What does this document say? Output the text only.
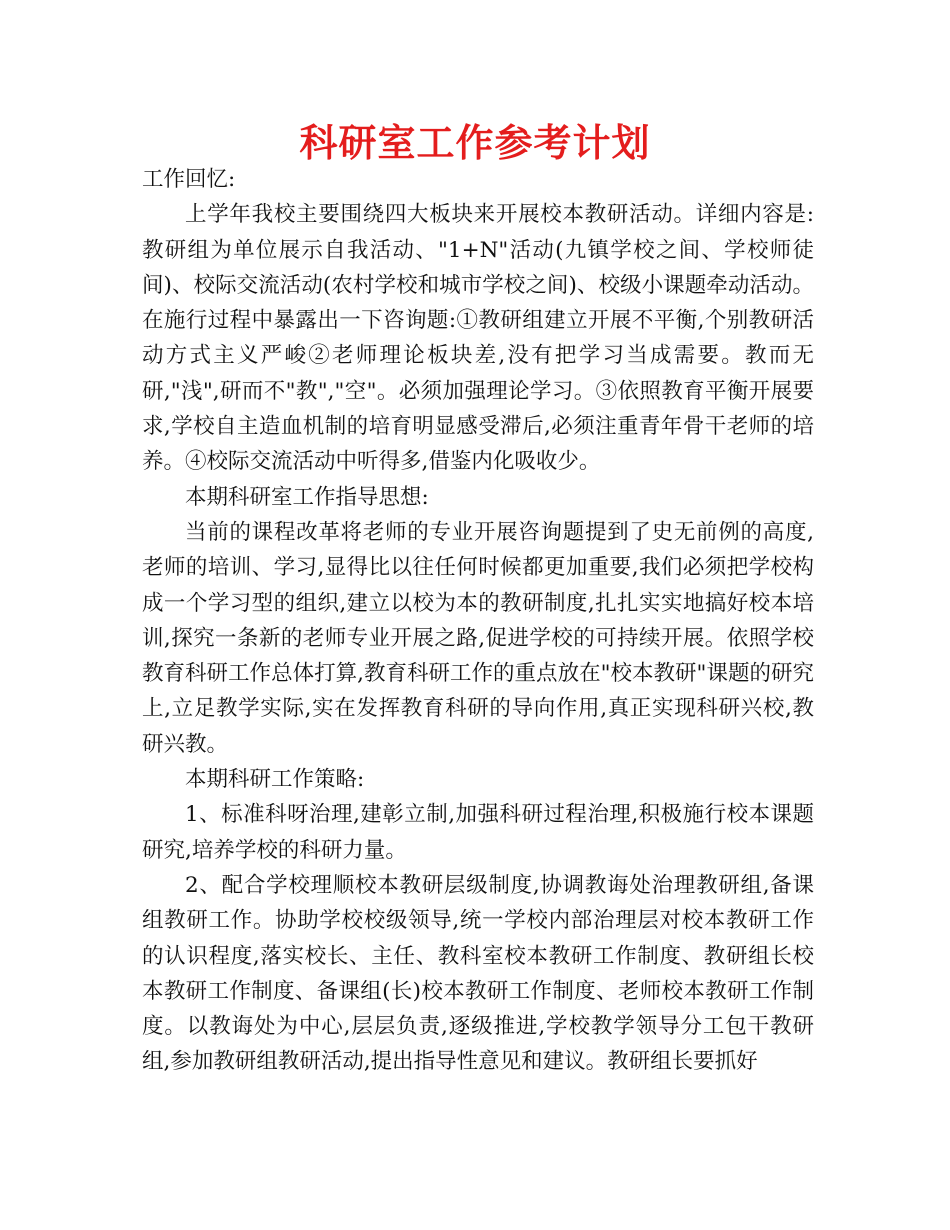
科研室工作参考计划

工作回忆:

上学年我校主要围绕四大板块来开展校本教研活动。详细内容是:教研组为单位展示自我活动、"1+N"活动(九镇学校之间、学校师徒间)、校际交流活动(农村学校和城市学校之间)、校级小课题牵动活动。在施行过程中暴露出一下咨询题:①教研组建立开展不平衡,个别教研活动方式主义严峻②老师理论板块差,没有把学习当成需要。教而无研,"浅",研而不"教","空"。必须加强理论学习。③依照教育平衡开展要求,学校自主造血机制的培育明显感受滞后,必须注重青年骨干老师的培养。④校际交流活动中听得多,借鉴内化吸收少。

本期科研室工作指导思想:

当前的课程改革将老师的专业开展咨询题提到了史无前例的高度,老师的培训、学习,显得比以往任何时候都更加重要,我们必须把学校构成一个学习型的组织,建立以校为本的教研制度,扎扎实实地搞好校本培训,探究一条新的老师专业开展之路,促进学校的可持续开展。依照学校教育科研工作总体打算,教育科研工作的重点放在"校本教研"课题的研究上,立足教学实际,实在发挥教育科研的导向作用,真正实现科研兴校,教研兴教。

本期科研工作策略:

1、标准科呀治理,建彰立制,加强科研过程治理,积极施行校本课题研究,培养学校的科研力量。

2、配合学校理顺校本教研层级制度,协调教诲处治理教研组,备课组教研工作。协助学校校级领导,统一学校内部治理层对校本教研工作的认识程度,落实校长、主任、教科室校本教研工作制度、教研组长校本教研工作制度、备课组(长)校本教研工作制度、老师校本教研工作制度。以教诲处为中心,层层负责,逐级推进,学校教学领导分工包干教研组,参加教研组教研活动,提出指导性意见和建议。教研组长要抓好
